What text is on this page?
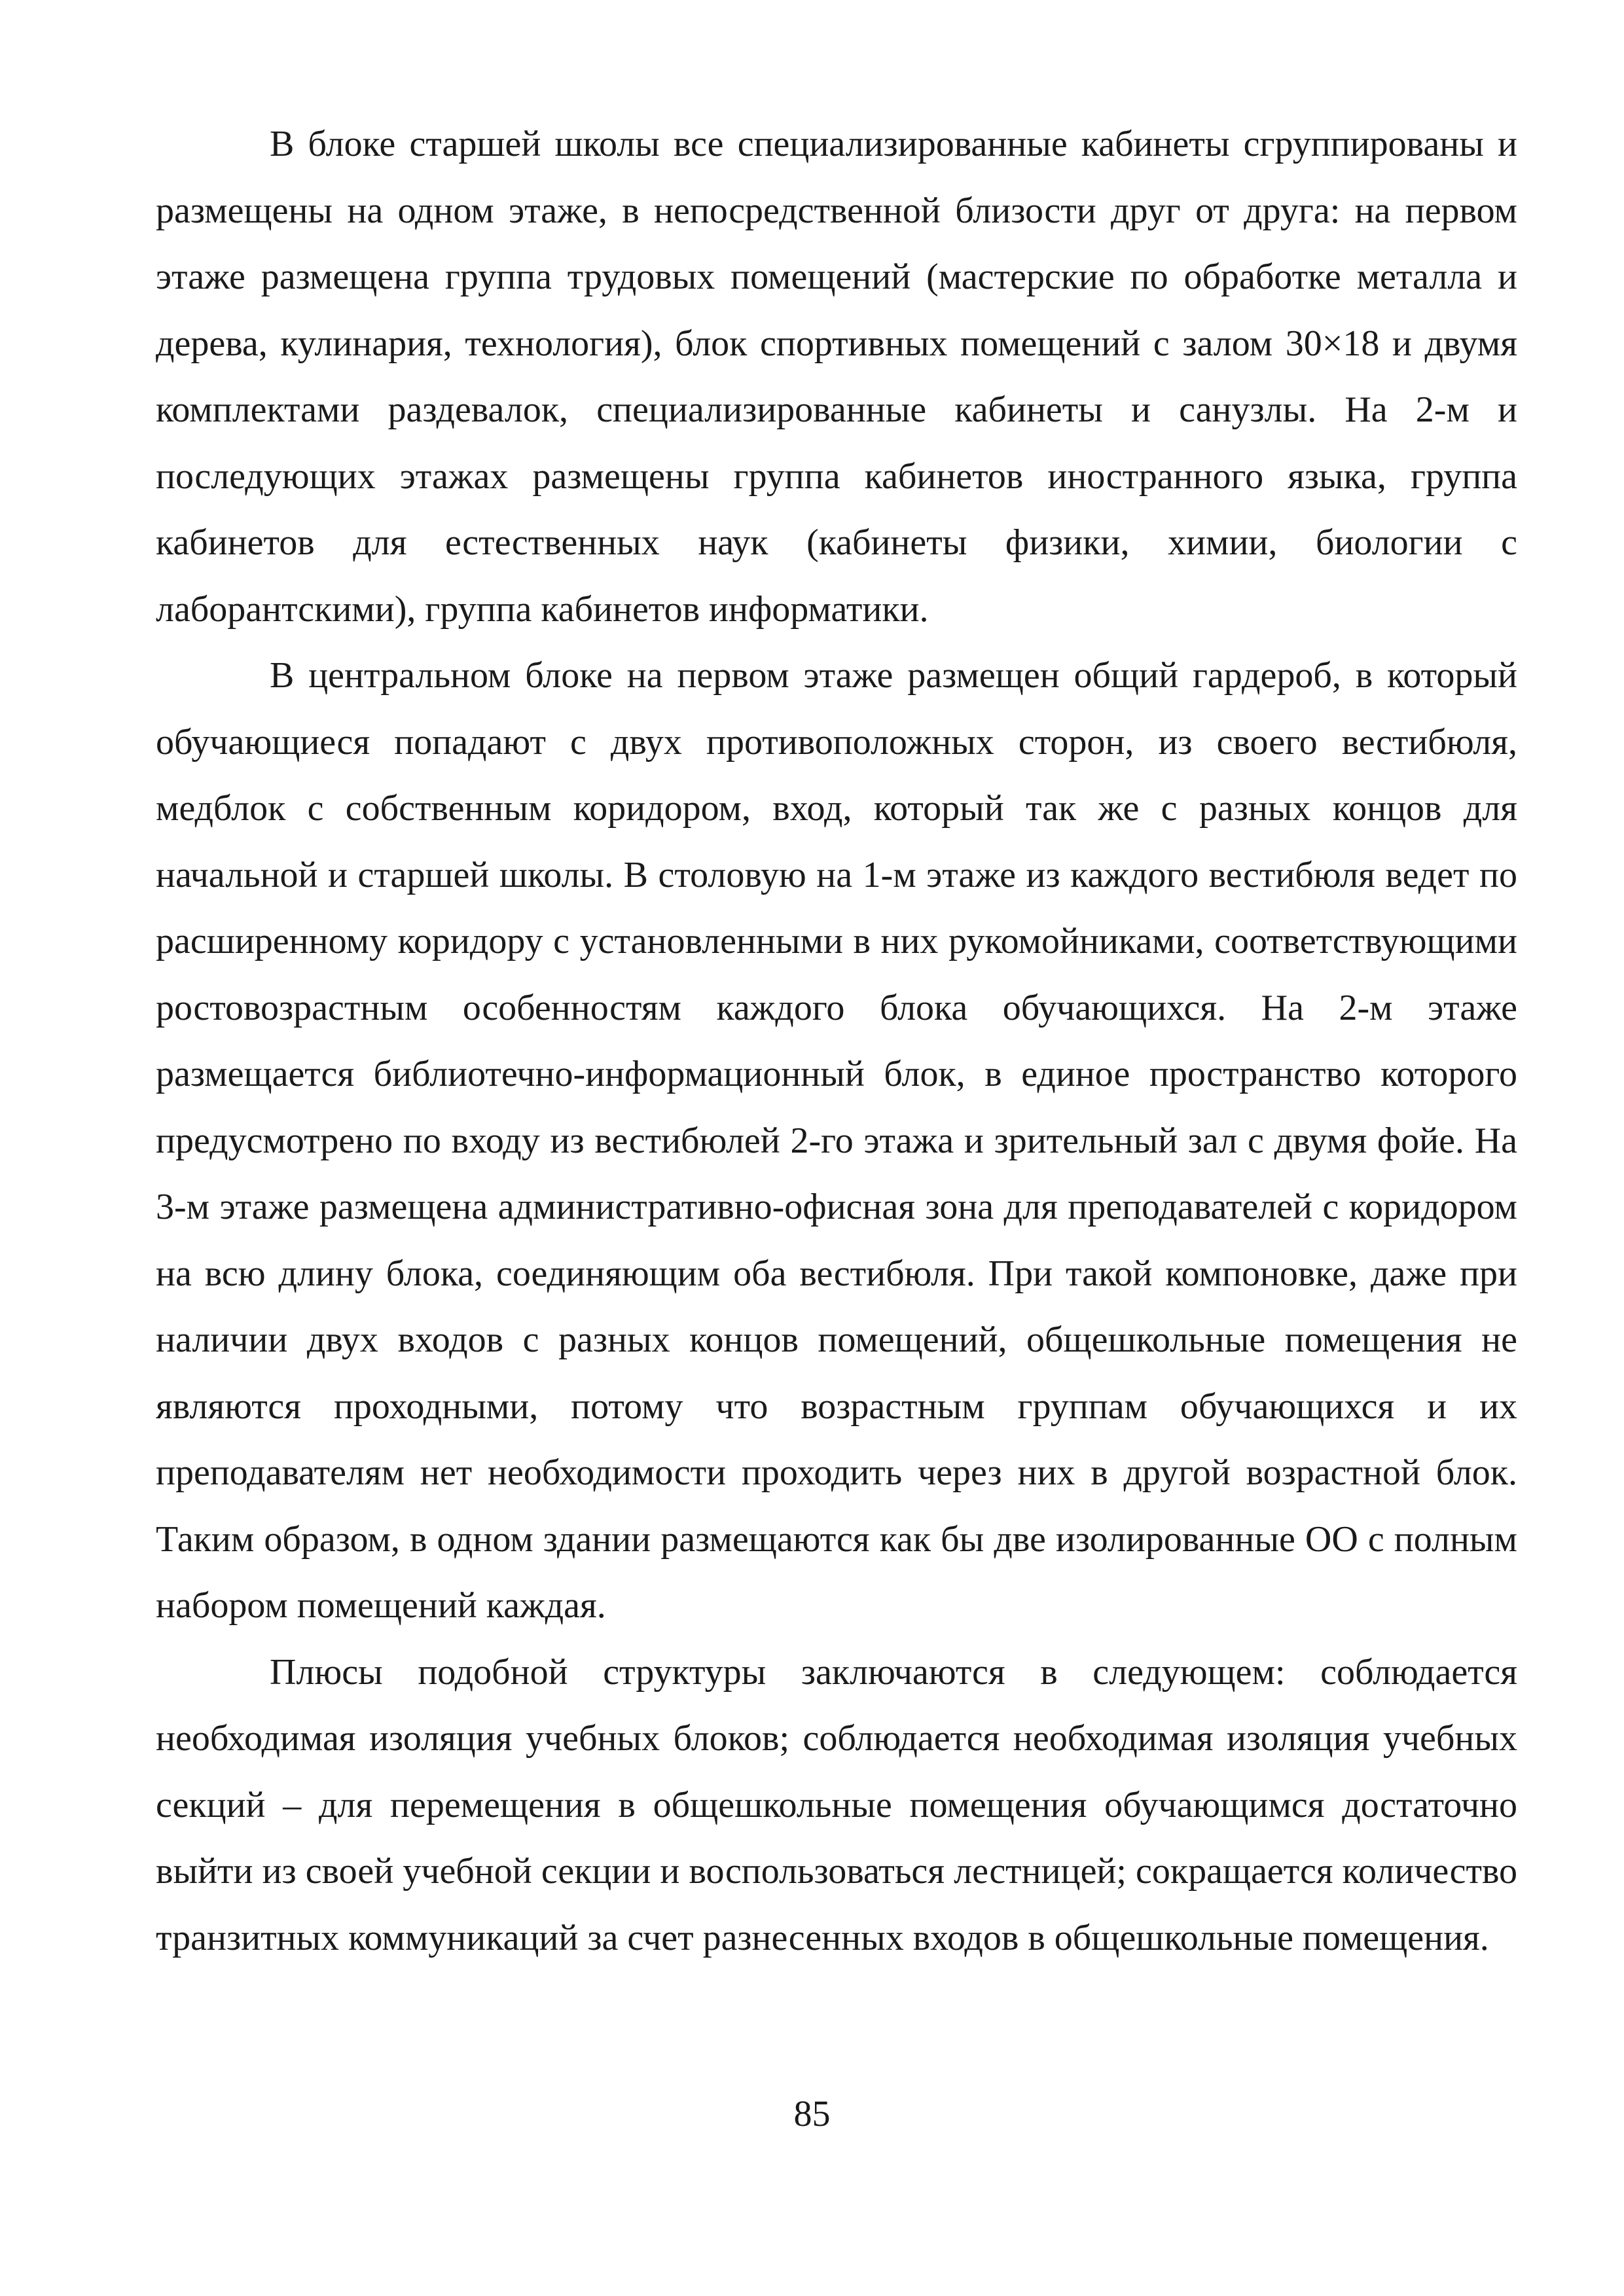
В блоке старшей школы все специализированные кабинеты сгруппированы и размещены на одном этаже, в непосредственной близости друг от друга: на первом этаже размещена группа трудовых помещений (мастерские по обработке металла и дерева, кулинария, технология), блок спортивных помещений с залом 30×18 и двумя комплектами раздевалок, специализированные кабинеты и санузлы. На 2-м и последующих этажах размещены группа кабинетов иностранного языка, группа кабинетов для естественных наук (кабинеты физики, химии, биологии с лаборантскими), группа кабинетов информатики.

В центральном блоке на первом этаже размещен общий гардероб, в который обучающиеся попадают с двух противоположных сторон, из своего вестибюля, медблок с собственным коридором, вход, который так же с разных концов для начальной и старшей школы. В столовую на 1-м этаже из каждого вестибюля ведет по расширенному коридору с установленными в них рукомойниками, соответствующими ростовозрастным особенностям каждого блока обучающихся. На 2-м этаже размещается библиотечно-информационный блок, в единое пространство которого предусмотрено по входу из вестибюлей 2-го этажа и зрительный зал с двумя фойе. На 3-м этаже размещена административно-офисная зона для преподавателей с коридором на всю длину блока, соединяющим оба вестибюля. При такой компоновке, даже при наличии двух входов с разных концов помещений, общешкольные помещения не являются проходными, потому что возрастным группам обучающихся и их преподавателям нет необходимости проходить через них в другой возрастной блок. Таким образом, в одном здании размещаются как бы две изолированные ОО с полным набором помещений каждая.

Плюсы подобной структуры заключаются в следующем: соблюдается необходимая изоляция учебных блоков; соблюдается необходимая изоляция учебных секций – для перемещения в общешкольные помещения обучающимся достаточно выйти из своей учебной секции и воспользоваться лестницей; сокращается количество транзитных коммуникаций за счет разнесенных входов в общешкольные помещения.

85
